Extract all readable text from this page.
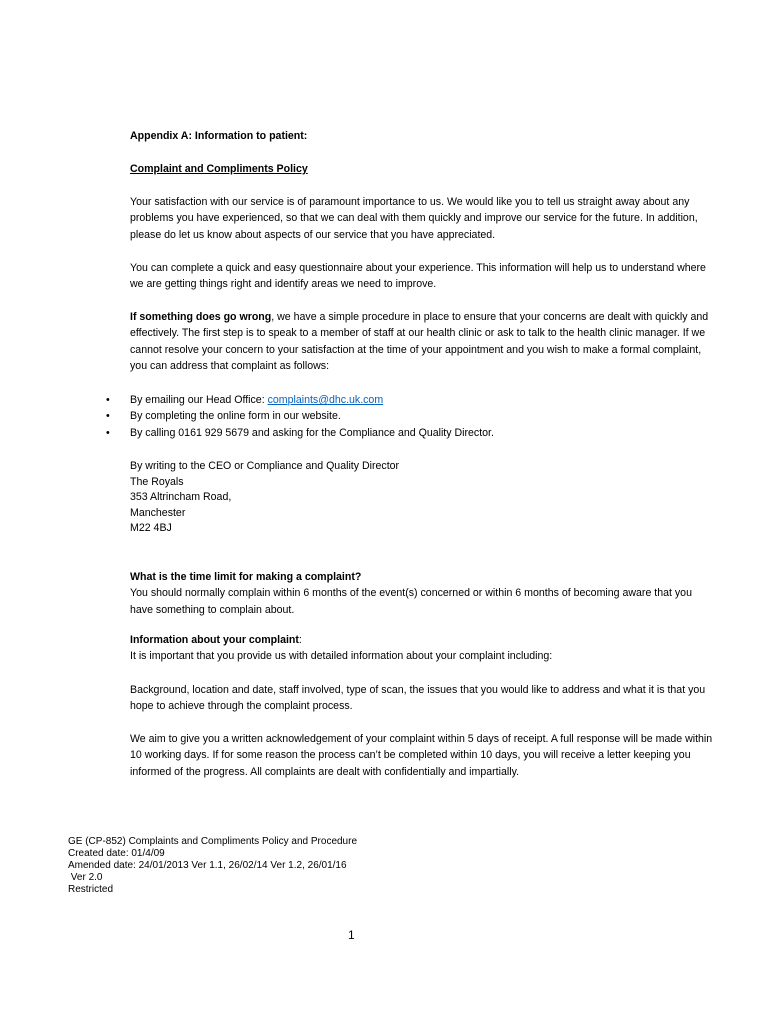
Appendix A: Information to patient:
Complaint and Compliments Policy

Your satisfaction with our service is of paramount importance to us. We would like you to tell us straight away about any problems you have experienced, so that we can deal with them quickly and improve our service for the future. In addition, please do let us know about aspects of our service that you have appreciated.

You can complete a quick and easy questionnaire about your experience. This information will help us to understand where we are getting things right and identify areas we need to improve.

If something does go wrong, we have a simple procedure in place to ensure that your concerns are dealt with quickly and effectively. The first step is to speak to a member of staff at our health clinic or ask to talk to the health clinic manager. If we cannot resolve your concern to your satisfaction at the time of your appointment and you wish to make a formal complaint, you can address that complaint as follows:

• By emailing our Head Office: complaints@dhc.uk.com
• By completing the online form in our website.
• By calling 0161 929 5679 and asking for the Compliance and Quality Director.
By writing to the CEO or Compliance and Quality Director
The Royals
353 Altrincham Road,
Manchester
M22 4BJ
What is the time limit for making a complaint?

You should normally complain within 6 months of the event(s) concerned or within 6 months of becoming aware that you have something to complain about.

Information about your complaint:

It is important that you provide us with detailed information about your complaint including:

Background, location and date, staff involved, type of scan, the issues that you would like to address and what it is that you hope to achieve through the complaint process.

We aim to give you a written acknowledgement of your complaint within 5 days of receipt. A full response will be made within 10 working days. If for some reason the process can’t be completed within 10 days, you will receive a letter keeping you informed of the progress. All complaints are dealt with confidentially and impartially.

GE (CP-852) Complaints and Compliments Policy and Procedure
Created date: 01/4/09
Amended date: 24/01/2013 Ver 1.1, 26/02/14 Ver 1.2, 26/01/16
Ver 2.0
Restricted
1
